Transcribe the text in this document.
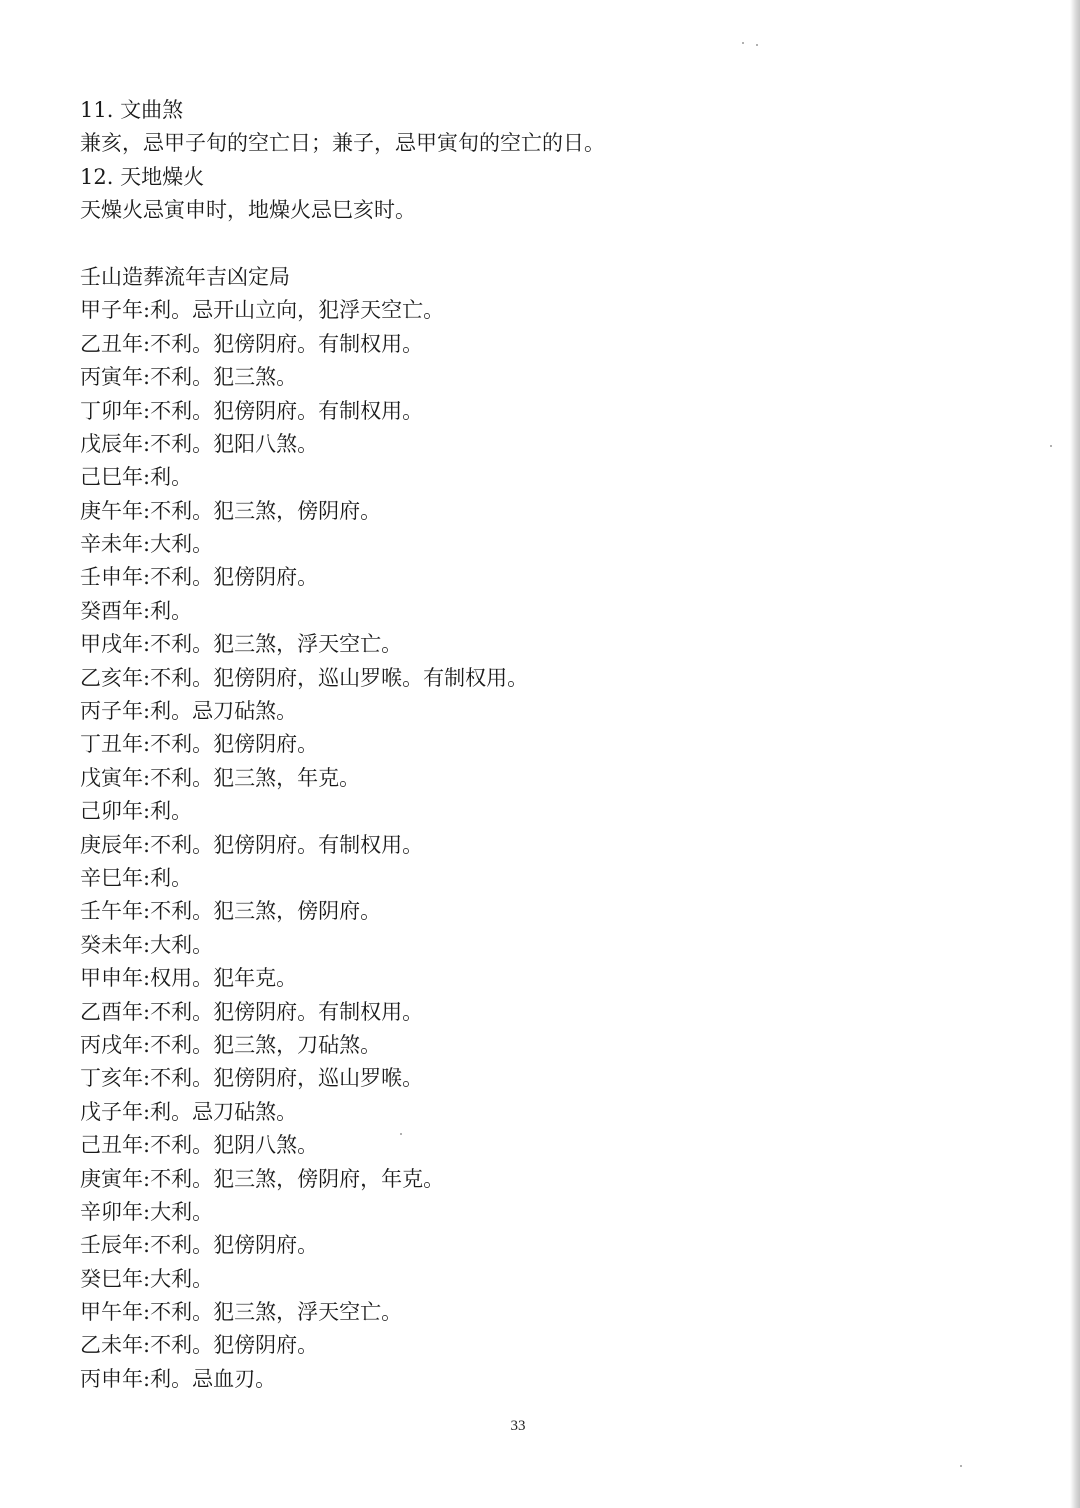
11. 文曲煞
兼亥，忌甲子旬的空亡日；兼子，忌甲寅旬的空亡的日。
12. 天地燥火
天燥火忌寅申时，地燥火忌巳亥时。
壬山造葬流年吉凶定局
甲子年:利。忌开山立向，犯浮天空亡。
乙丑年:不利。犯傍阴府。有制权用。
丙寅年:不利。犯三煞。
丁卯年:不利。犯傍阴府。有制权用。
戊辰年:不利。犯阳八煞。
己巳年:利。
庚午年:不利。犯三煞，傍阴府。
辛未年:大利。
壬申年:不利。犯傍阴府。
癸酉年:利。
甲戌年:不利。犯三煞，浮天空亡。
乙亥年:不利。犯傍阴府，巡山罗喉。有制权用。
丙子年:利。忌刀砧煞。
丁丑年:不利。犯傍阴府。
戊寅年:不利。犯三煞，年克。
己卯年:利。
庚辰年:不利。犯傍阴府。有制权用。
辛巳年:利。
壬午年:不利。犯三煞，傍阴府。
癸未年:大利。
甲申年:权用。犯年克。
乙酉年:不利。犯傍阴府。有制权用。
丙戌年:不利。犯三煞，刀砧煞。
丁亥年:不利。犯傍阴府，巡山罗喉。
戊子年:利。忌刀砧煞。
己丑年:不利。犯阴八煞。
庚寅年:不利。犯三煞，傍阴府，年克。
辛卯年:大利。
壬辰年:不利。犯傍阴府。
癸巳年:大利。
甲午年:不利。犯三煞，浮天空亡。
乙未年:不利。犯傍阴府。
丙申年:利。忌血刃。
33
